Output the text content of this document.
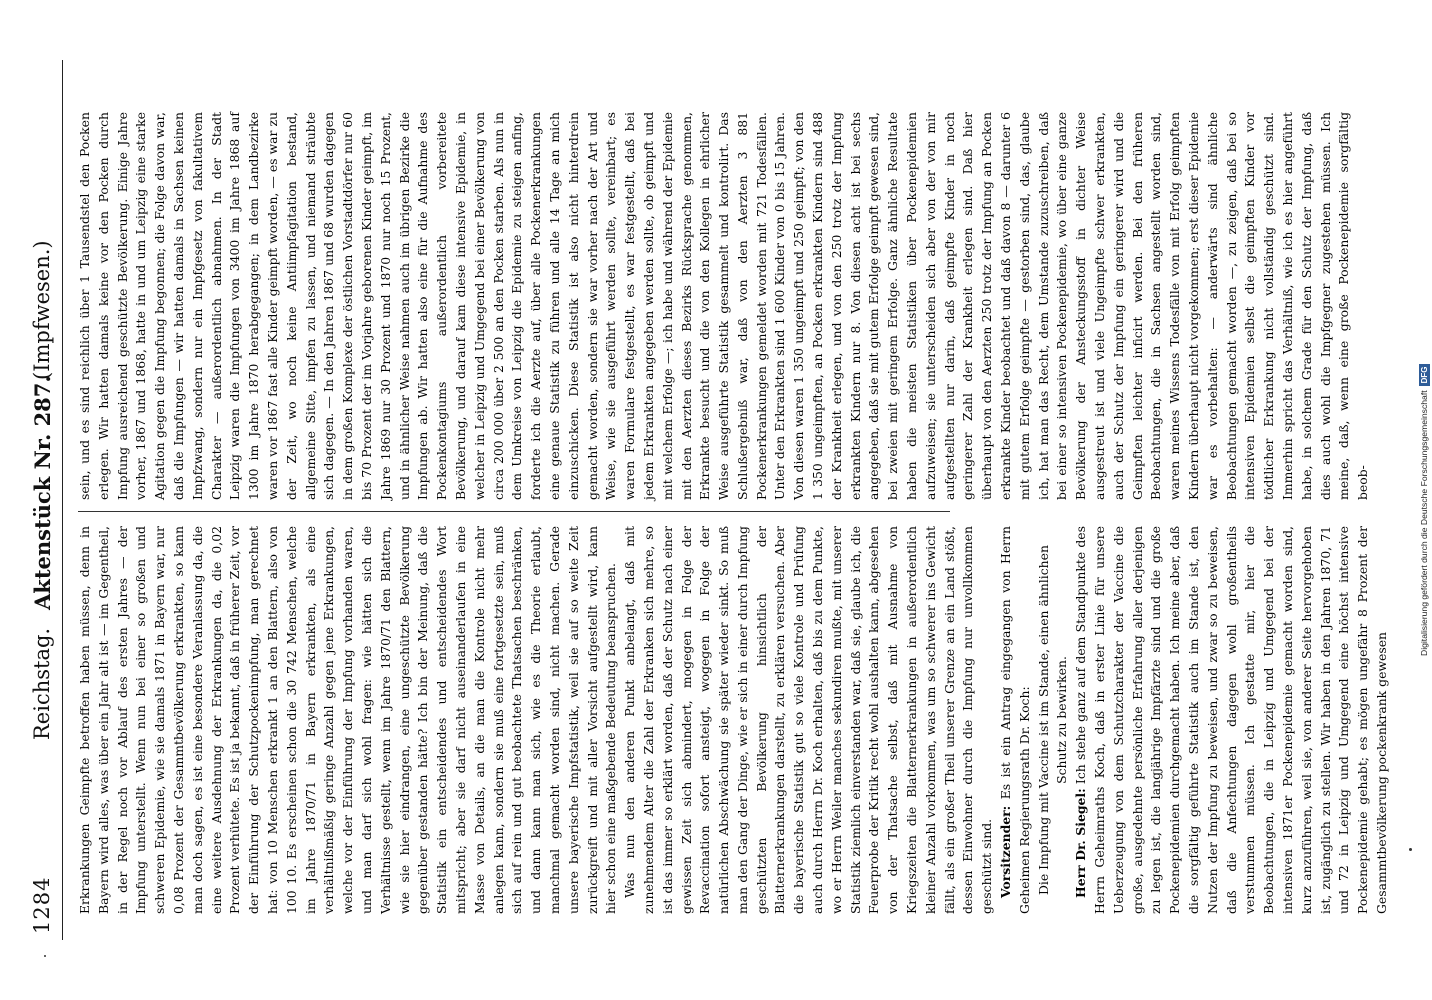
1284
Reichstag.
Aktenstück Nr. 287.
(Impfwesen.)

Erkrankungen Geimpfte betroffen haben müssen, denn in Bayern wird alles, was über ein Jahr alt ist — im Gegentheil, in der Regel noch vor Ablauf des ersten Jahres — der Impfung unterstellt. Wenn nun bei einer so großen und schweren Epidemie, wie sie damals 1871 in Bayern war, nur 0,08 Prozent der Gesammtbevölkerung erkrankten, so kann man doch sagen, es ist eine besondere Veranlassung da, die eine weitere Ausdehnung der Erkrankungen da, die 0,02 Prozent verhütete. Es ist ja bekannt, daß in früherer Zeit, vor der Einführung der Schutzpockenimpfung, man gerechnet hat: von 10 Menschen erkrankt 1 an den Blattern, also von 100 10. Es erscheinen schon die 30 742 Menschen, welche im Jahre 1870/71 in Bayern erkrankten, als eine verhältnißmäßig geringe Anzahl gegen jene Erkrankungen, welche vor der Einführung der Impfung vorhanden waren, und man darf sich wohl fragen: wie hätten sich die Verhältnisse gestellt, wenn im Jahre 1870/71 den Blattern, wie sie hier eindrangen, eine ungeschützte Bevölkerung gegenüber gestanden hätte? Ich bin der Meinung, daß die Statistik ein entscheidendes und entscheidendes Wort mitspricht; aber sie darf nicht auseinanderlaufen in eine Masse von Details, an die man die Kontrole nicht mehr anlegen kann, sondern sie muß eine fortgesetzte sein, muß sich auf rein und gut beobachtete Thatsachen beschränken, und dann kann man sich, wie es die Theorie erlaubt, manchmal gemacht worden sind, nicht machen. Gerade unsere bayerische Impfstatistik, weil sie auf so weite Zeit zurückgreift und mit aller Vorsicht aufgestellt wird, kann hier schon eine maßgebende Bedeutung beanspruchen. Was nun den anderen Punkt anbelangt, daß mit zunehmendem Alter die Zahl der Erkranken sich mehre, so ist das immer so erklärt worden, daß der Schutz nach einer gewissen Zeit sich abmindert, mogegen in Folge der Revaccination sofort ansteigt, wogegen in Folge der natürlichen Abschwächung sie später wieder sinkt. So muß man den Gang der Dinge, wie er sich in einer durch Impfung geschützten Bevölkerung hinsichtlich der Blatternerkrankungen darstellt, zu erklären versuchen. Aber die bayerische Statistik gut so viele Kontrole und Prüfung auch durch Herrn Dr. Koch erhalten, daß bis zu dem Punkte, wo er Herrn Weiler manches sekundiren mußte, mit unserer Statistik ziemlich einverstanden war, daß sie, glaube ich, die Feuerprobe der Kritik recht wohl aushalten kann, abgesehen von der Thatsache selbst, daß mit Ausnahme von Kriegszeiten die Blatternerkrankungen in außerordentlich kleiner Anzahl vorkommen, was um so schwerer ins Gewicht fällt, als ein großer Theil unserer Grenze an ein Land stößt, dessen Einwohner durch die Impfung nur unvollkommen geschützt sind. Vorsitzender: Es ist ein Antrag eingegangen von Herrn Geheimen Regierungsrath Dr. Koch: Die Impfung mit Vaccine ist im Stande, einen ähnlichen Schutz zu bewirken.

Herr Dr. Siegel: Ich stehe ganz auf dem Standpunkte des Herrn Geheimraths Koch, daß in erster Linie für unsere Ueberzeugung von dem Schutzcharakter der Vaccine die große, ausgedehnte persönliche Erfahrung aller derjenigen zu legen ist, die langjährige Impfärzte sind und die große Pockenepidemien durchgemacht haben. Ich meine aber, daß die sorgfältig geführte Statistik auch im Stande ist, den Nutzen der Impfung zu beweisen, und zwar so zu beweisen, daß die Anfechtungen dagegen wohl großentheils verstummen müssen. Ich gestatte mir, hier die Beobachtungen, die in Leipzig und Umgegend bei der intensiven 1871er Pockenepidemie gemacht worden sind, kurz anzuführen, weil sie, von anderer Seite hervorgehoben ist, zugänglich zu stellen. Wir haben in den Jahren 1870, 71 und 72 in Leipzig und Umgegend eine höchst intensive Pockenepidemie gehabt; es mögen ungefähr 8 Prozent der Gesammtbevölkerung pockenkrank gewesen

sein, und es sind reichlich über 1 Tausendstel den Pocken erlegen. Wir hatten damals keine vor den Pocken durch Impfung ausreichend geschützte Bevölkerung. Einige Jahre vorher, 1867 und 1868, hatte in und um Leipzig eine starke Agitation gegen die Impfung begonnen; die Folge davon war, daß die Impfungen — wir hatten damals in Sachsen keinen Impfzwang, sondern nur ein Impfgesetz von fakultativem Charakter — außerordentlich abnahmen. In der Stadt Leipzig waren die Impfungen von 3400 im Jahre 1868 auf 1300 im Jahre 1870 herabgegangen; in dem Landbezirke waren vor 1867 fast alle Kinder geimpft worden, — es war zu der Zeit, wo noch keine Antiimpfagitation bestand, allgemeine Sitte, impfen zu lassen, und niemand sträubte sich dagegen. — In den Jahren 1867 und 68 wurden dagegen in dem großen Komplexe der östlichen Vorstadtdörfer nur 60 bis 70 Prozent der im Vorjahre geborenen Kinder geimpft, im Jahre 1869 nur 30 Prozent und 1870 nur noch 15 Prozent, und in ähnlicher Weise nahmen auch im übrigen Bezirke die Impfungen ab. Wir hatten also eine für die Aufnahme des Pockenkontagiums außerordentlich vorbereitete Bevölkerung, und darauf kam diese intensive Epidemie, in welcher in Leipzig und Umgegend bei einer Bevölkerung von circa 200 000 über 2 500 an den Pocken starben. Als nun in dem Umkreise von Leipzig die Epidemie zu steigen anfing, forderte ich die Aerzte auf, über alle Pockenerkrankungen eine genaue Statistik zu führen und alle 14 Tage an mich einzuschicken. Diese Statistik ist also nicht hinterdrein gemacht worden, sondern sie war vorher nach der Art und Weise, wie sie ausgeführt werden sollte, vereinbart; es waren Formulare festgestellt, es war festgestellt, daß bei jedem Erkrankten angegeben werden sollte, ob geimpft und mit welchem Erfolge —; ich habe und während der Epidemie mit den Aerzten dieses Bezirks Rücksprache genommen, Erkrankte besucht und die von den Kollegen in ehrlicher Weise ausgeführte Statistik gesammelt und kontrolirt. Das Schlußergebniß war, daß von den Aerzten 3 881 Pockenerkrankungen gemeldet worden mit 721 Todesfällen. Unter den Erkrankten sind 1 600 Kinder von 0 bis 15 Jahren. Von diesen waren 1 350 ungeimpft und 250 geimpft; von den 1 350 ungeimpften, an Pocken erkrankten Kindern sind 488 der Krankheit erlegen, und von den 250 trotz der Impfung erkrankten Kindern nur 8. Von diesen acht ist bei sechs angegeben, daß sie mit gutem Erfolge geimpft gewesen sind, bei zweien mit geringem Erfolge. Ganz ähnliche Resultate haben die meisten Statistiken über Pockenepidemien aufzuweisen; sie unterscheiden sich aber von der von mir aufgestellten nur darin, daß geimpfte Kinder in noch geringerer Zahl der Krankheit erlegen sind. Daß hier überhaupt von den Aerzten 250 trotz der Impfung an Pocken erkrankte Kinder beobachtet und daß davon 8 — darunter 6 mit gutem Erfolge geimpfte — gestorben sind, das, glaube ich, hat man das Recht, dem Umstande zuzuschreiben, daß bei einer so intensiven Pockenepidemie, wo über eine ganze Bevölkerung der Ansteckungsstoff in dichter Weise ausgestreut ist und viele Ungeimpfte schwer erkrankten, auch der Schutz der Impfung ein geringerer wird und die Geimpften leichter inficirt werden. Bei den früheren Beobachtungen, die in Sachsen angestellt worden sind, waren meines Wissens Todesfälle von mit Erfolg geimpften Kindern überhaupt nicht vorgekommen; erst dieser Epidemie war es vorbehalten: — anderwärts sind ähnliche Beobachtungen gemacht worden —, zu zeigen, daß bei so intensiven Epidemien selbst die geimpften Kinder vor tödtlicher Erkrankung nicht vollständig geschützt sind. Immerhin spricht das Verhältniß, wie ich es hier angeführt habe, in solchem Grade für den Schutz der Impfung, daß dies auch wohl die Impfgegner zugestehen müssen. Ich meine, daß, wenn eine große Pockenepidemie sorgfältig beob-	Digitalisierung gefördert durch die Deutsche ForschungsgemeinschaftDFG
